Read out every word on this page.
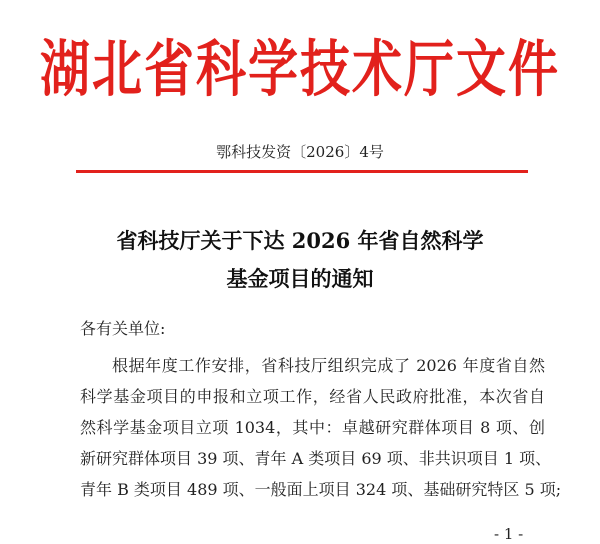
湖北省科学技术厅文件
鄂科技发资〔2026〕4号
省科技厅关于下达 2026 年省自然科学
基金项目的通知
各有关单位:
根据年度工作安排，省科技厅组织完成了 2026 年度省自然
科学基金项目的申报和立项工作，经省人民政府批准，本次省自
然科学基金项目立项 1034，其中：卓越研究群体项目 8 项、创
新研究群体项目 39 项、青年 A 类项目 69 项、非共识项目 1 项、
青年 B 类项目 489 项、一般面上项目 324 项、基础研究特区 5 项;
- 1 -
